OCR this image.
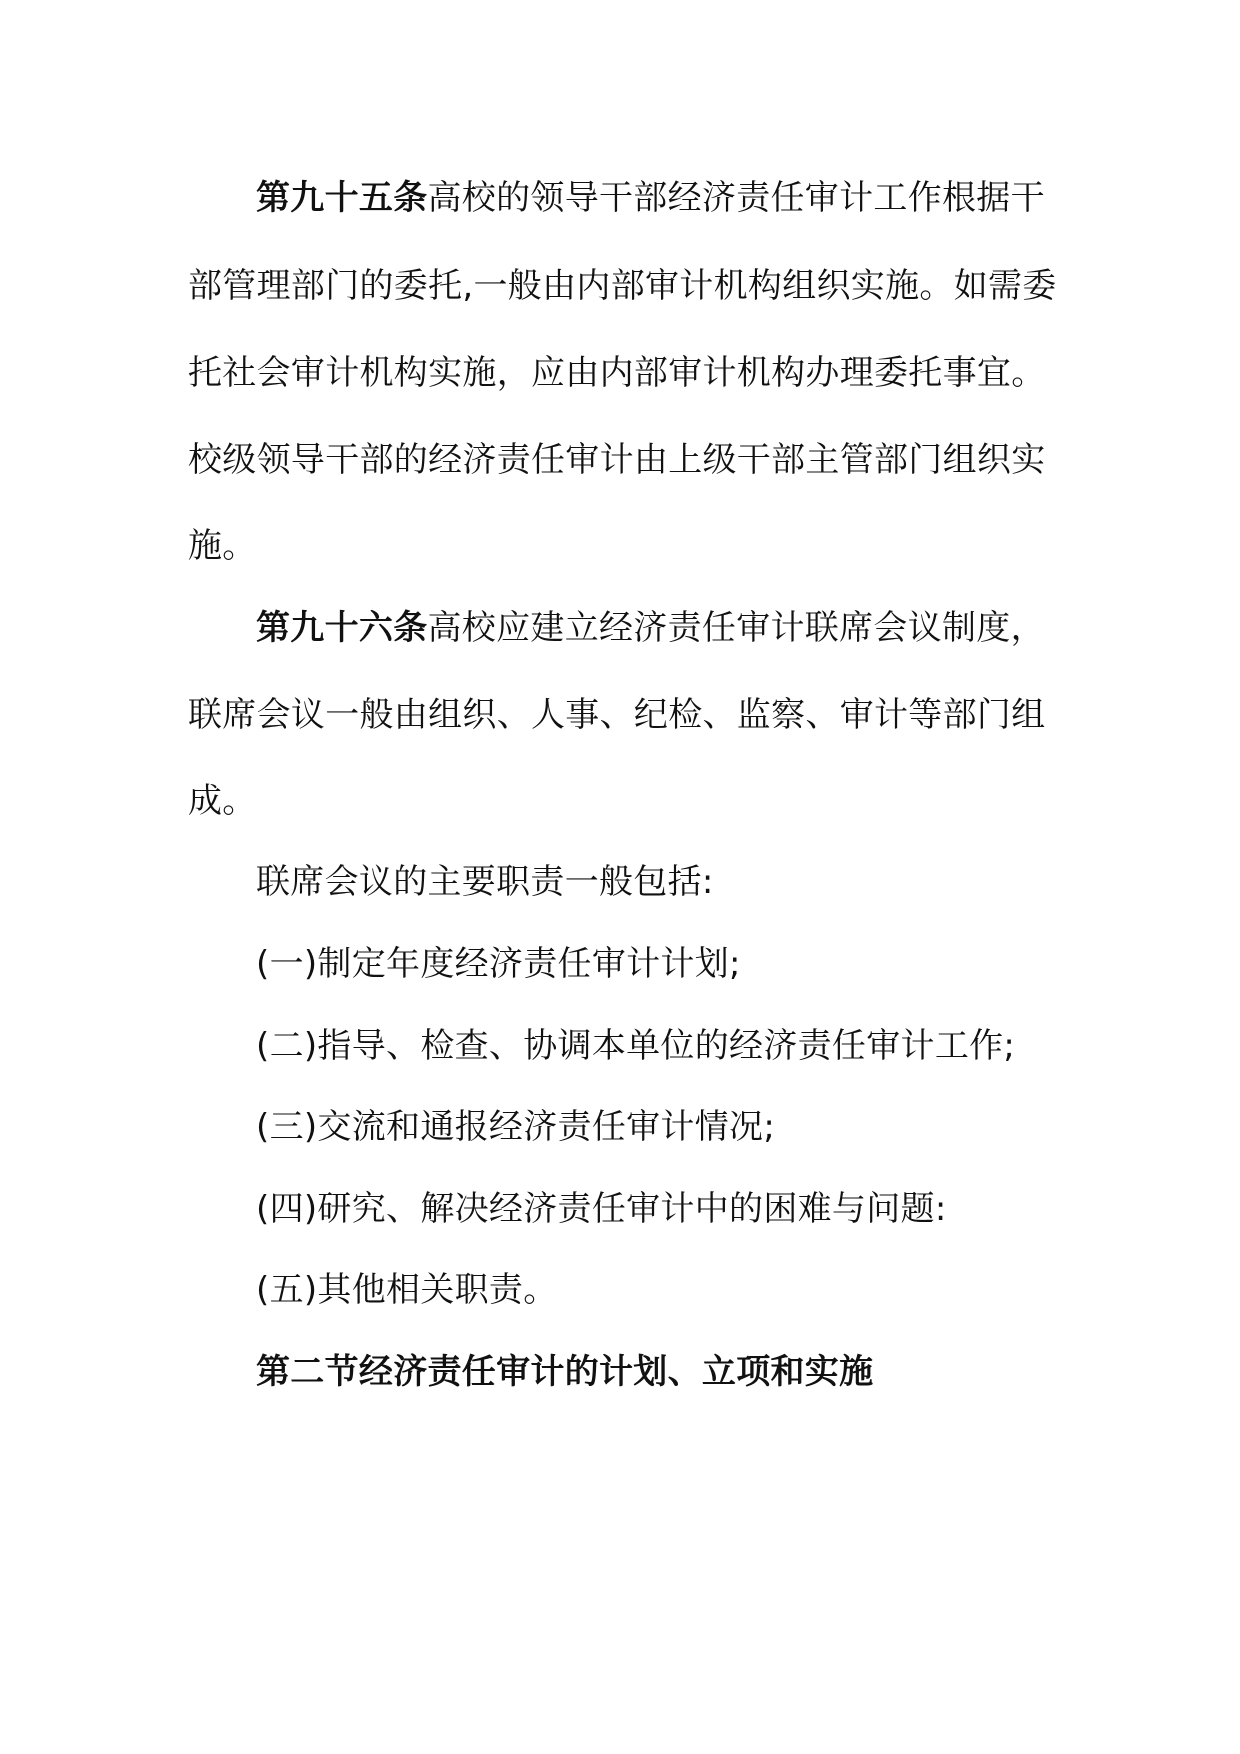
第九十五条高校的领导干部经济责任审计工作根据干
部管理部门的委托,一般由内部审计机构组织实施。如需委
托社会审计机构实施，应由内部审计机构办理委托事宜。
校级领导干部的经济责任审计由上级干部主管部门组织实
施。
第九十六条高校应建立经济责任审计联席会议制度，
联席会议一般由组织、人事、纪检、监察、审计等部门组
成。
联席会议的主要职责一般包括:
(一)制定年度经济责任审计计划;
(二)指导、检查、协调本单位的经济责任审计工作;
(三)交流和通报经济责任审计情况;
(四)研究、解决经济责任审计中的困难与问题:
(五)其他相关职责。
第二节经济责任审计的计划、立项和实施
